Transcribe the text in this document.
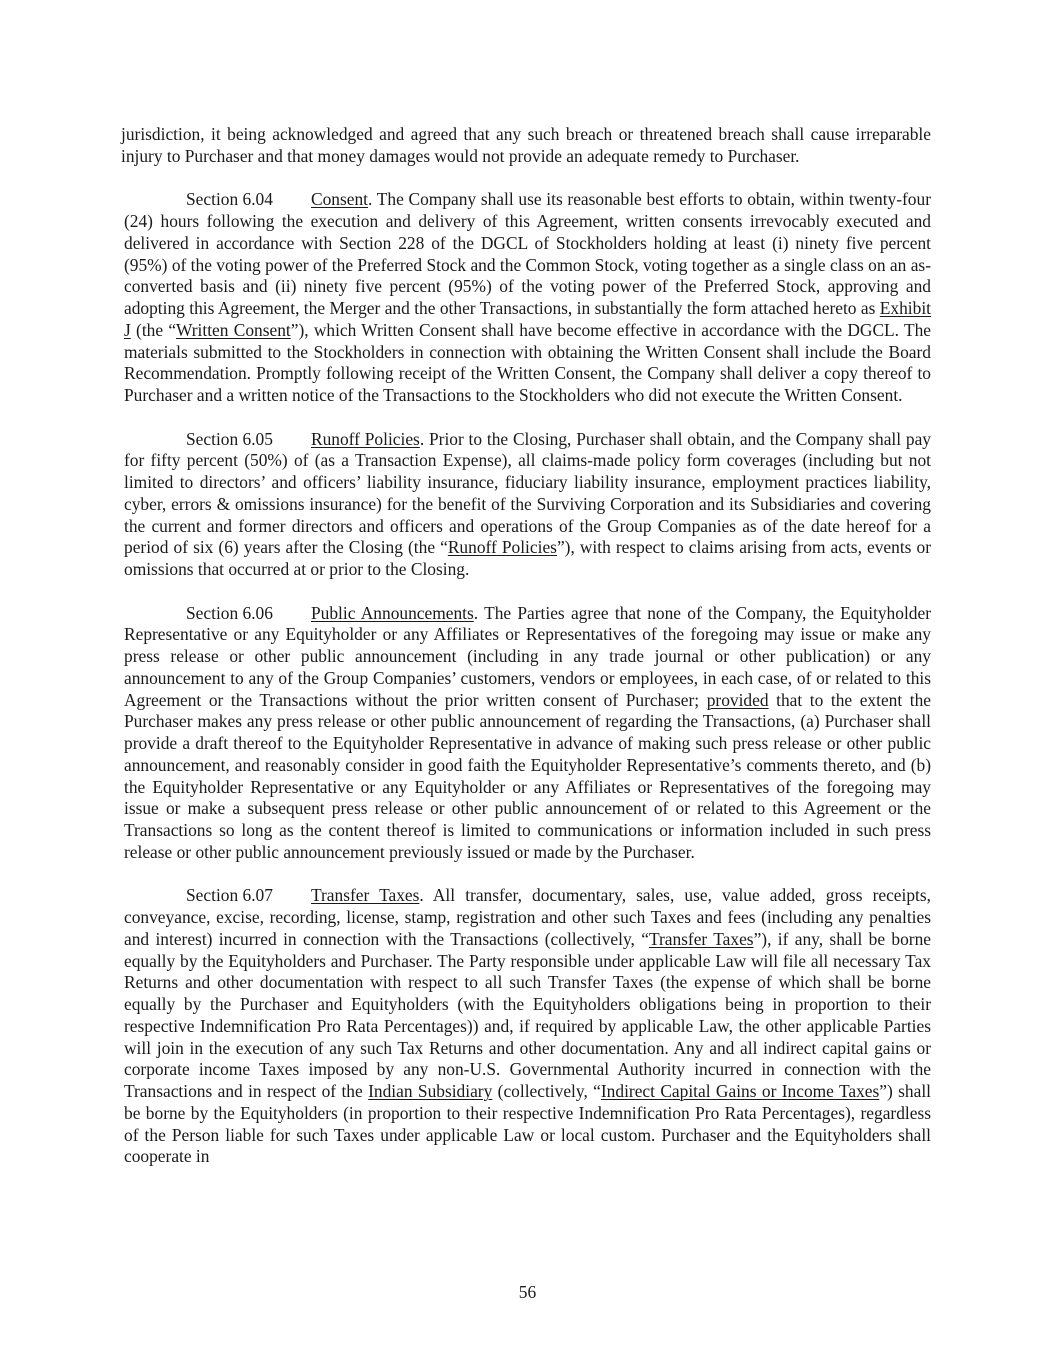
jurisdiction, it being acknowledged and agreed that any such breach or threatened breach shall cause irreparable injury to Purchaser and that money damages would not provide an adequate remedy to Purchaser.

Section 6.04 Consent. The Company shall use its reasonable best efforts to obtain, within twenty-four (24) hours following the execution and delivery of this Agreement, written consents irrevocably executed and delivered in accordance with Section 228 of the DGCL of Stockholders holding at least (i) ninety five percent (95%) of the voting power of the Preferred Stock and the Common Stock, voting together as a single class on an as-converted basis and (ii) ninety five percent (95%) of the voting power of the Preferred Stock, approving and adopting this Agreement, the Merger and the other Transactions, in substantially the form attached hereto as Exhibit J (the “Written Consent”), which Written Consent shall have become effective in accordance with the DGCL. The materials submitted to the Stockholders in connection with obtaining the Written Consent shall include the Board Recommendation. Promptly following receipt of the Written Consent, the Company shall deliver a copy thereof to Purchaser and a written notice of the Transactions to the Stockholders who did not execute the Written Consent.

Section 6.05 Runoff Policies. Prior to the Closing, Purchaser shall obtain, and the Company shall pay for fifty percent (50%) of (as a Transaction Expense), all claims-made policy form coverages (including but not limited to directors’ and officers’ liability insurance, fiduciary liability insurance, employment practices liability, cyber, errors & omissions insurance) for the benefit of the Surviving Corporation and its Subsidiaries and covering the current and former directors and officers and operations of the Group Companies as of the date hereof for a period of six (6) years after the Closing (the “Runoff Policies”), with respect to claims arising from acts, events or omissions that occurred at or prior to the Closing.

Section 6.06 Public Announcements. The Parties agree that none of the Company, the Equityholder Representative or any Equityholder or any Affiliates or Representatives of the foregoing may issue or make any press release or other public announcement (including in any trade journal or other publication) or any announcement to any of the Group Companies’ customers, vendors or employees, in each case, of or related to this Agreement or the Transactions without the prior written consent of Purchaser; provided that to the extent the Purchaser makes any press release or other public announcement of regarding the Transactions, (a) Purchaser shall provide a draft thereof to the Equityholder Representative in advance of making such press release or other public announcement, and reasonably consider in good faith the Equityholder Representative’s comments thereto, and (b) the Equityholder Representative or any Equityholder or any Affiliates or Representatives of the foregoing may issue or make a subsequent press release or other public announcement of or related to this Agreement or the Transactions so long as the content thereof is limited to communications or information included in such press release or other public announcement previously issued or made by the Purchaser.

Section 6.07 Transfer Taxes. All transfer, documentary, sales, use, value added, gross receipts, conveyance, excise, recording, license, stamp, registration and other such Taxes and fees (including any penalties and interest) incurred in connection with the Transactions (collectively, “Transfer Taxes”), if any, shall be borne equally by the Equityholders and Purchaser. The Party responsible under applicable Law will file all necessary Tax Returns and other documentation with respect to all such Transfer Taxes (the expense of which shall be borne equally by the Purchaser and Equityholders (with the Equityholders obligations being in proportion to their respective Indemnification Pro Rata Percentages)) and, if required by applicable Law, the other applicable Parties will join in the execution of any such Tax Returns and other documentation. Any and all indirect capital gains or corporate income Taxes imposed by any non-U.S. Governmental Authority incurred in connection with the Transactions and in respect of the Indian Subsidiary (collectively, “Indirect Capital Gains or Income Taxes”) shall be borne by the Equityholders (in proportion to their respective Indemnification Pro Rata Percentages), regardless of the Person liable for such Taxes under applicable Law or local custom. Purchaser and the Equityholders shall cooperate in

56
